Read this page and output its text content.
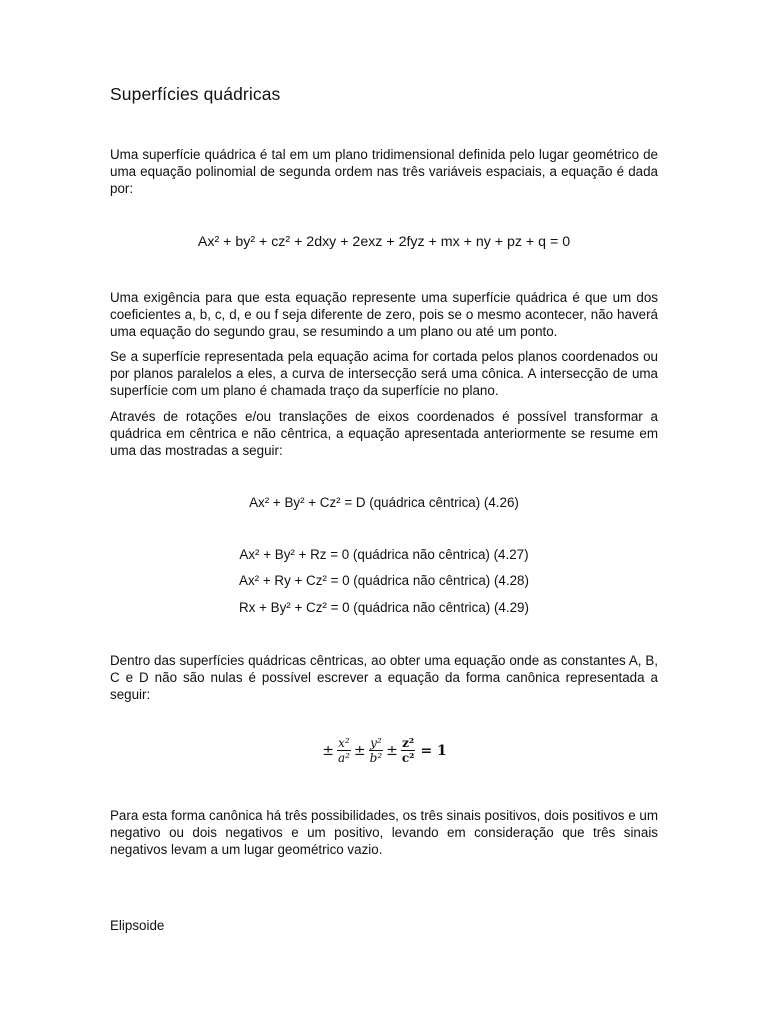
Superfícies quádricas
Uma superfície quádrica é tal em um plano tridimensional definida pelo lugar geométrico de uma equação polinomial de segunda ordem nas três variáveis espaciais, a equação é dada por:
Ax² + by² + cz² + 2dxy + 2exz + 2fyz + mx + ny + pz + q = 0
Uma exigência para que esta equação represente uma superfície quádrica é que um dos coeficientes a, b, c, d, e ou f seja diferente de zero, pois se o mesmo acontecer, não haverá uma equação do segundo grau, se resumindo a um plano ou até um ponto.
Se a superfície representada pela equação acima for cortada pelos planos coordenados ou por planos paralelos a eles, a curva de intersecção será uma cônica. A intersecção de uma superfície com um plano é chamada traço da superfície no plano.
Através de rotações e/ou translações de eixos coordenados é possível transformar a quádrica em cêntrica e não cêntrica, a equação apresentada anteriormente se resume em uma das mostradas a seguir:
Ax² + By² + Cz² = D (quádrica cêntrica) (4.26)
Ax² + By² + Rz = 0 (quádrica não cêntrica) (4.27)
Ax² + Ry + Cz² = 0 (quádrica não cêntrica) (4.28)
Rx + By² + Cz² = 0 (quádrica não cêntrica) (4.29)
Dentro das superfícies quádricas cêntricas, ao obter uma equação onde as constantes A, B, C e D não são nulas é possível escrever a equação da forma canônica representada a seguir:
± $\frac{\text{x²}}{\text{a²}} \pm \frac{\text{y²}}{\text{b²}} \pm \frac{\text{z²}}{\text{c²}} = 1$
Para esta forma canônica há três possibilidades, os três sinais positivos, dois positivos e um negativo ou dois negativos e um positivo, levando em consideração que três sinais negativos levam a um lugar geométrico vazio.
Elipsoide
